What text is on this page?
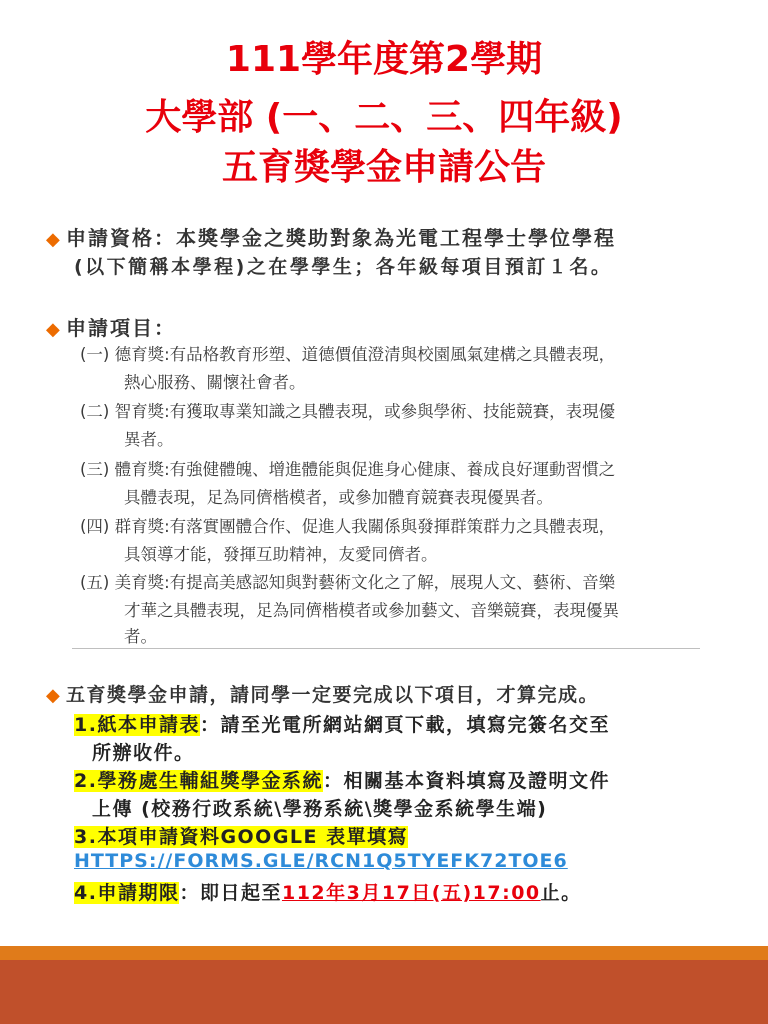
111學年度第2學期
大學部 (一、二、三、四年級)
五育獎學金申請公告
◆ 申請資格：本獎學金之獎助對象為光電工程學士學位學程
(以下簡稱本學程)之在學學生；各年級每項目預訂１名。
◆ 申請項目：
(一) 德育獎:有品格教育形塑、道德價值澄清與校園風氣建構之具體表現，
熱心服務、關懷社會者。
(二) 智育獎:有獲取專業知識之具體表現，或參與學術、技能競賽，表現優
異者。
(三) 體育獎:有強健體魄、增進體能與促進身心健康、養成良好運動習慣之
具體表現，足為同儕楷模者，或參加體育競賽表現優異者。
(四) 群育獎:有落實團體合作、促進人我關係與發揮群策群力之具體表現，
具領導才能，發揮互助精神，友愛同儕者。
(五) 美育獎:有提高美感認知與對藝術文化之了解，展現人文、藝術、音樂
才華之具體表現，足為同儕楷模者或參加藝文、音樂競賽，表現優異
者。
◆ 五育獎學金申請，請同學一定要完成以下項目，才算完成。
1.紙本申請表：請至光電所網站網頁下載，填寫完簽名交至
所辦收件。
2.學務處生輔組獎學金系統：相關基本資料填寫及證明文件
上傳 (校務行政系統\學務系統\獎學金系統學生端)
3.本項申請資料GOOGLE 表單填寫
HTTPS://FORMS.GLE/RCN1Q5TYEFK72TOE6
4.申請期限：即日起至112年3月17日(五)17:00止。
